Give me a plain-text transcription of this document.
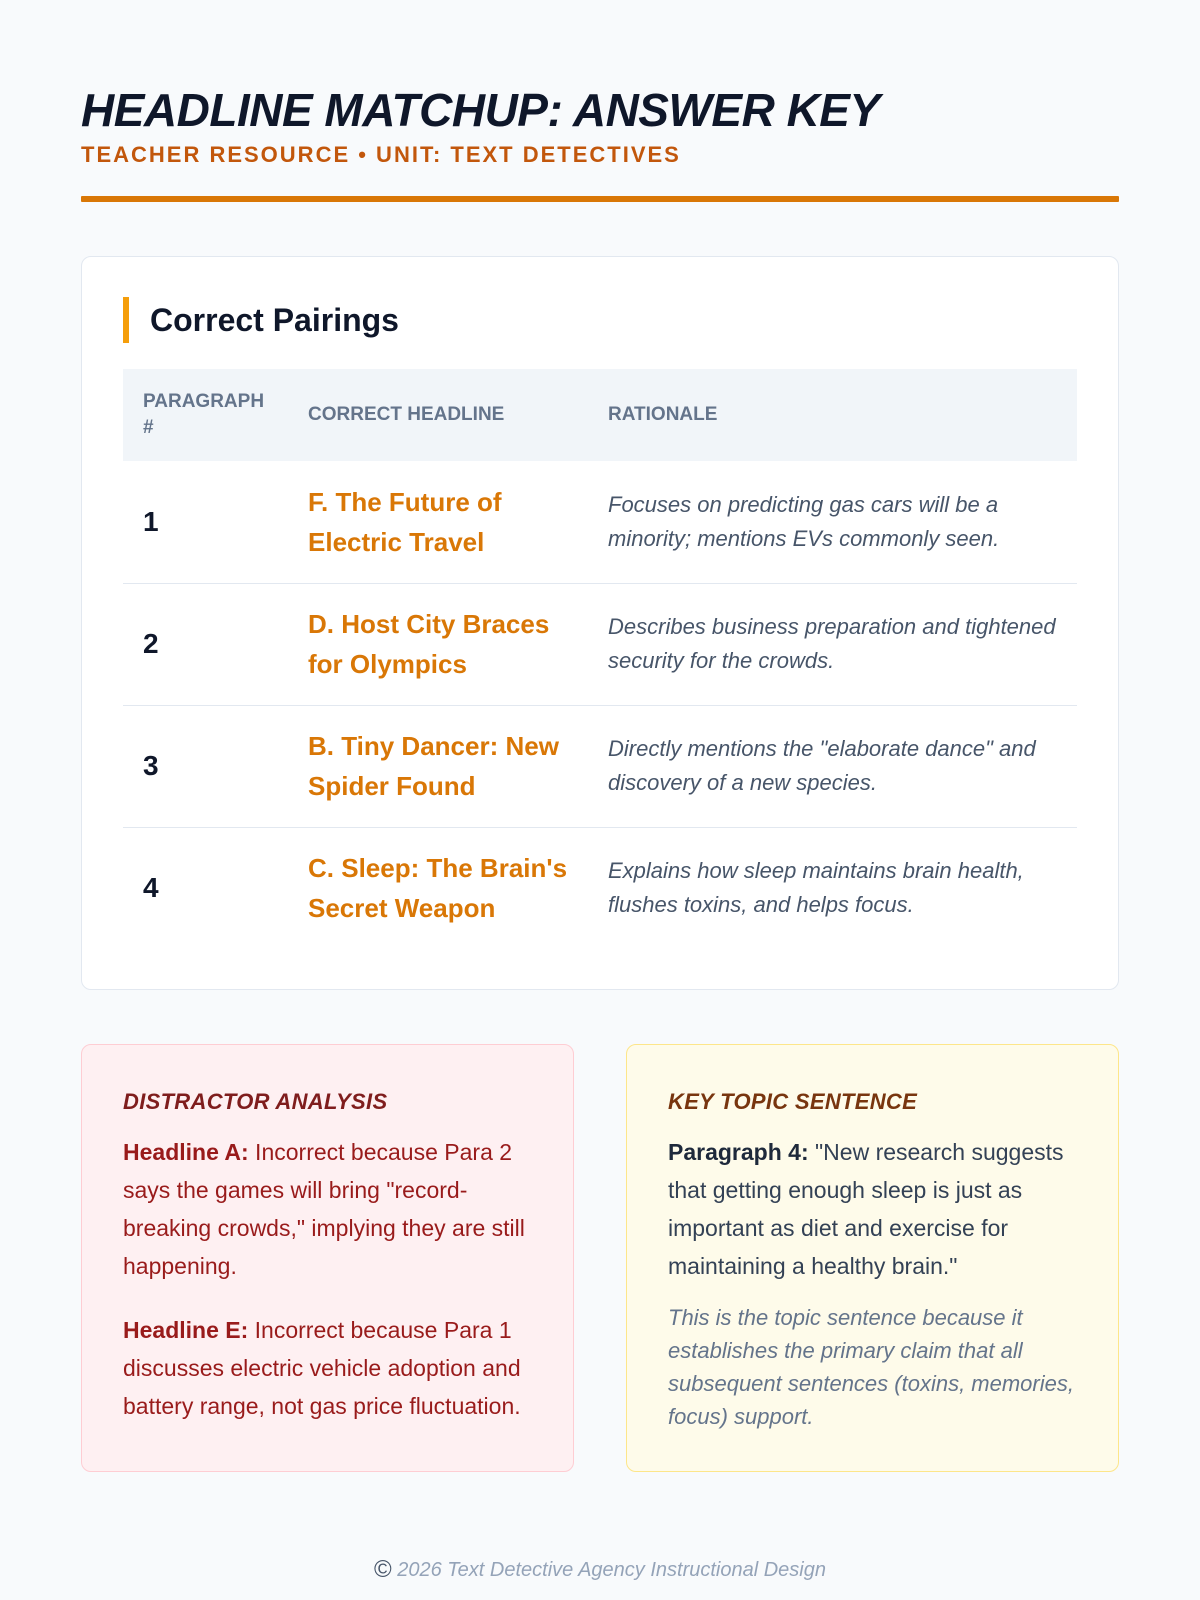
HEADLINE MATCHUP: ANSWER KEY
TEACHER RESOURCE • UNIT: TEXT DETECTIVES
Correct Pairings
PARAGRAPH #	CORRECT HEADLINE	RATIONALE
1	F. The Future of Electric Travel	Focuses on predicting gas cars will be a minority; mentions EVs commonly seen.
2	D. Host City Braces for Olympics	Describes business preparation and tightened security for the crowds.
3	B. Tiny Dancer: New Spider Found	Directly mentions the "elaborate dance" and discovery of a new species.
4	C. Sleep: The Brain's Secret Weapon	Explains how sleep maintains brain health, flushes toxins, and helps focus.
DISTRACTOR ANALYSIS

Headline A: Incorrect because Para 2 says the games will bring "record-breaking crowds," implying they are still happening.

Headline E: Incorrect because Para 1 discusses electric vehicle adoption and battery range, not gas price fluctuation.

KEY TOPIC SENTENCE

Paragraph 4: "New research suggests that getting enough sleep is just as important as diet and exercise for maintaining a healthy brain."

This is the topic sentence because it establishes the primary claim that all subsequent sentences (toxins, memories, focus) support.

© 2026 Text Detective Agency Instructional Design
